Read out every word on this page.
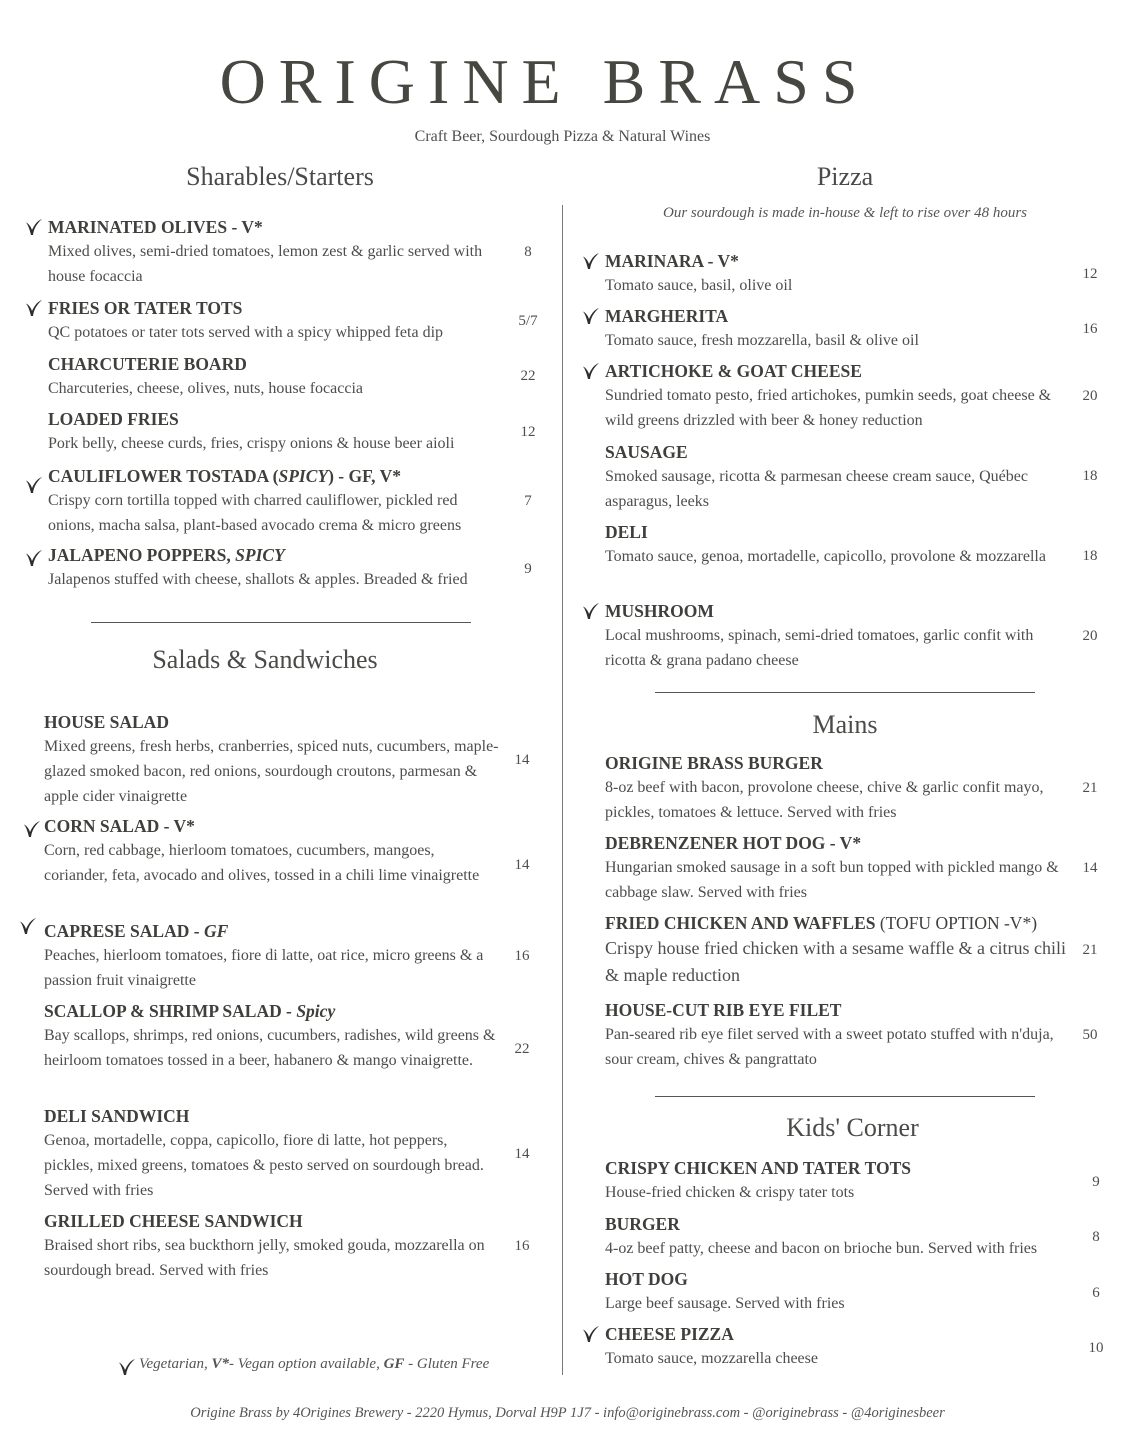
ORIGINE BRASS
Craft Beer, Sourdough Pizza & Natural Wines
Sharables/Starters
MARINATED OLIVES - V*
Mixed olives, semi-dried tomatoes, lemon zest & garlic served with house focaccia
8
FRIES OR TATER TOTS
QC potatoes or tater tots served with a spicy whipped feta dip
5/7
CHARCUTERIE BOARD
Charcuteries, cheese, olives, nuts, house focaccia
22
LOADED FRIES
Pork belly, cheese curds, fries, crispy onions & house beer aioli
12
CAULIFLOWER TOSTADA (SPICY) - GF, V*
Crispy corn tortilla topped with charred cauliflower, pickled red onions, macha salsa, plant-based avocado crema & micro greens
7
JALAPENO POPPERS, SPICY
Jalapenos stuffed with cheese, shallots & apples. Breaded & fried
9
Salads & Sandwiches
HOUSE SALAD
Mixed greens, fresh herbs, cranberries, spiced nuts, cucumbers, maple-glazed smoked bacon, red onions, sourdough croutons, parmesan & apple cider vinaigrette
14
CORN SALAD - V*
Corn, red cabbage, hierloom tomatoes, cucumbers, mangoes, coriander, feta, avocado and olives, tossed in a chili lime vinaigrette
14
CAPRESE SALAD - GF
Peaches, hierloom tomatoes, fiore di latte, oat rice, micro greens & a passion fruit vinaigrette
16
SCALLOP & SHRIMP SALAD - Spicy
Bay scallops, shrimps, red onions, cucumbers, radishes, wild greens & heirloom tomatoes tossed in a beer, habanero & mango vinaigrette.
22
DELI SANDWICH
Genoa, mortadelle, coppa, capicollo, fiore di latte, hot peppers, pickles, mixed greens, tomatoes & pesto served on sourdough bread. Served with fries
14
GRILLED CHEESE SANDWICH
Braised short ribs, sea buckthorn jelly, smoked gouda, mozzarella on sourdough bread. Served with fries
16
Pizza
Our sourdough is made in-house & left to rise over 48 hours
MARINARA - V*
Tomato sauce, basil, olive oil
12
MARGHERITA
Tomato sauce, fresh mozzarella, basil & olive oil
16
ARTICHOKE & GOAT CHEESE
Sundried tomato pesto, fried artichokes, pumkin seeds, goat cheese & wild greens drizzled with beer & honey reduction
20
SAUSAGE
Smoked sausage, ricotta & parmesan cheese cream sauce, Québec asparagus, leeks
18
DELI
Tomato sauce, genoa, mortadelle, capicollo, provolone & mozzarella	18
MUSHROOM
Local mushrooms, spinach, semi-dried tomatoes, garlic confit with ricotta & grana padano cheese
20
Mains
ORIGINE BRASS BURGER
8-oz beef with bacon, provolone cheese, chive & garlic confit mayo, pickles, tomatoes & lettuce. Served with fries
21
DEBRENZENER HOT DOG - V*
Hungarian smoked sausage in a soft bun topped with pickled mango & cabbage slaw. Served with fries
14
FRIED CHICKEN AND WAFFLES (TOFU OPTION -V*)
Crispy house fried chicken with a sesame waffle & a citrus chili & maple reduction
21
HOUSE-CUT RIB EYE FILET
Pan-seared rib eye filet served with a sweet potato stuffed with n'duja, sour cream, chives & pangrattato
50
Kids' Corner
CRISPY CHICKEN AND TATER TOTS
House-fried chicken & crispy tater tots
9
BURGER
4-oz beef patty, cheese and bacon on brioche bun. Served with fries
8
HOT DOG
Large beef sausage. Served with fries
6
CHEESE PIZZA
Tomato sauce, mozzarella cheese
10
Vegetarian, V*- Vegan option available, GF - Gluten Free
Origine Brass by 4Origines Brewery - 2220 Hymus, Dorval H9P 1J7 - info@originebrass.com - @originebrass - @4originesbeer
